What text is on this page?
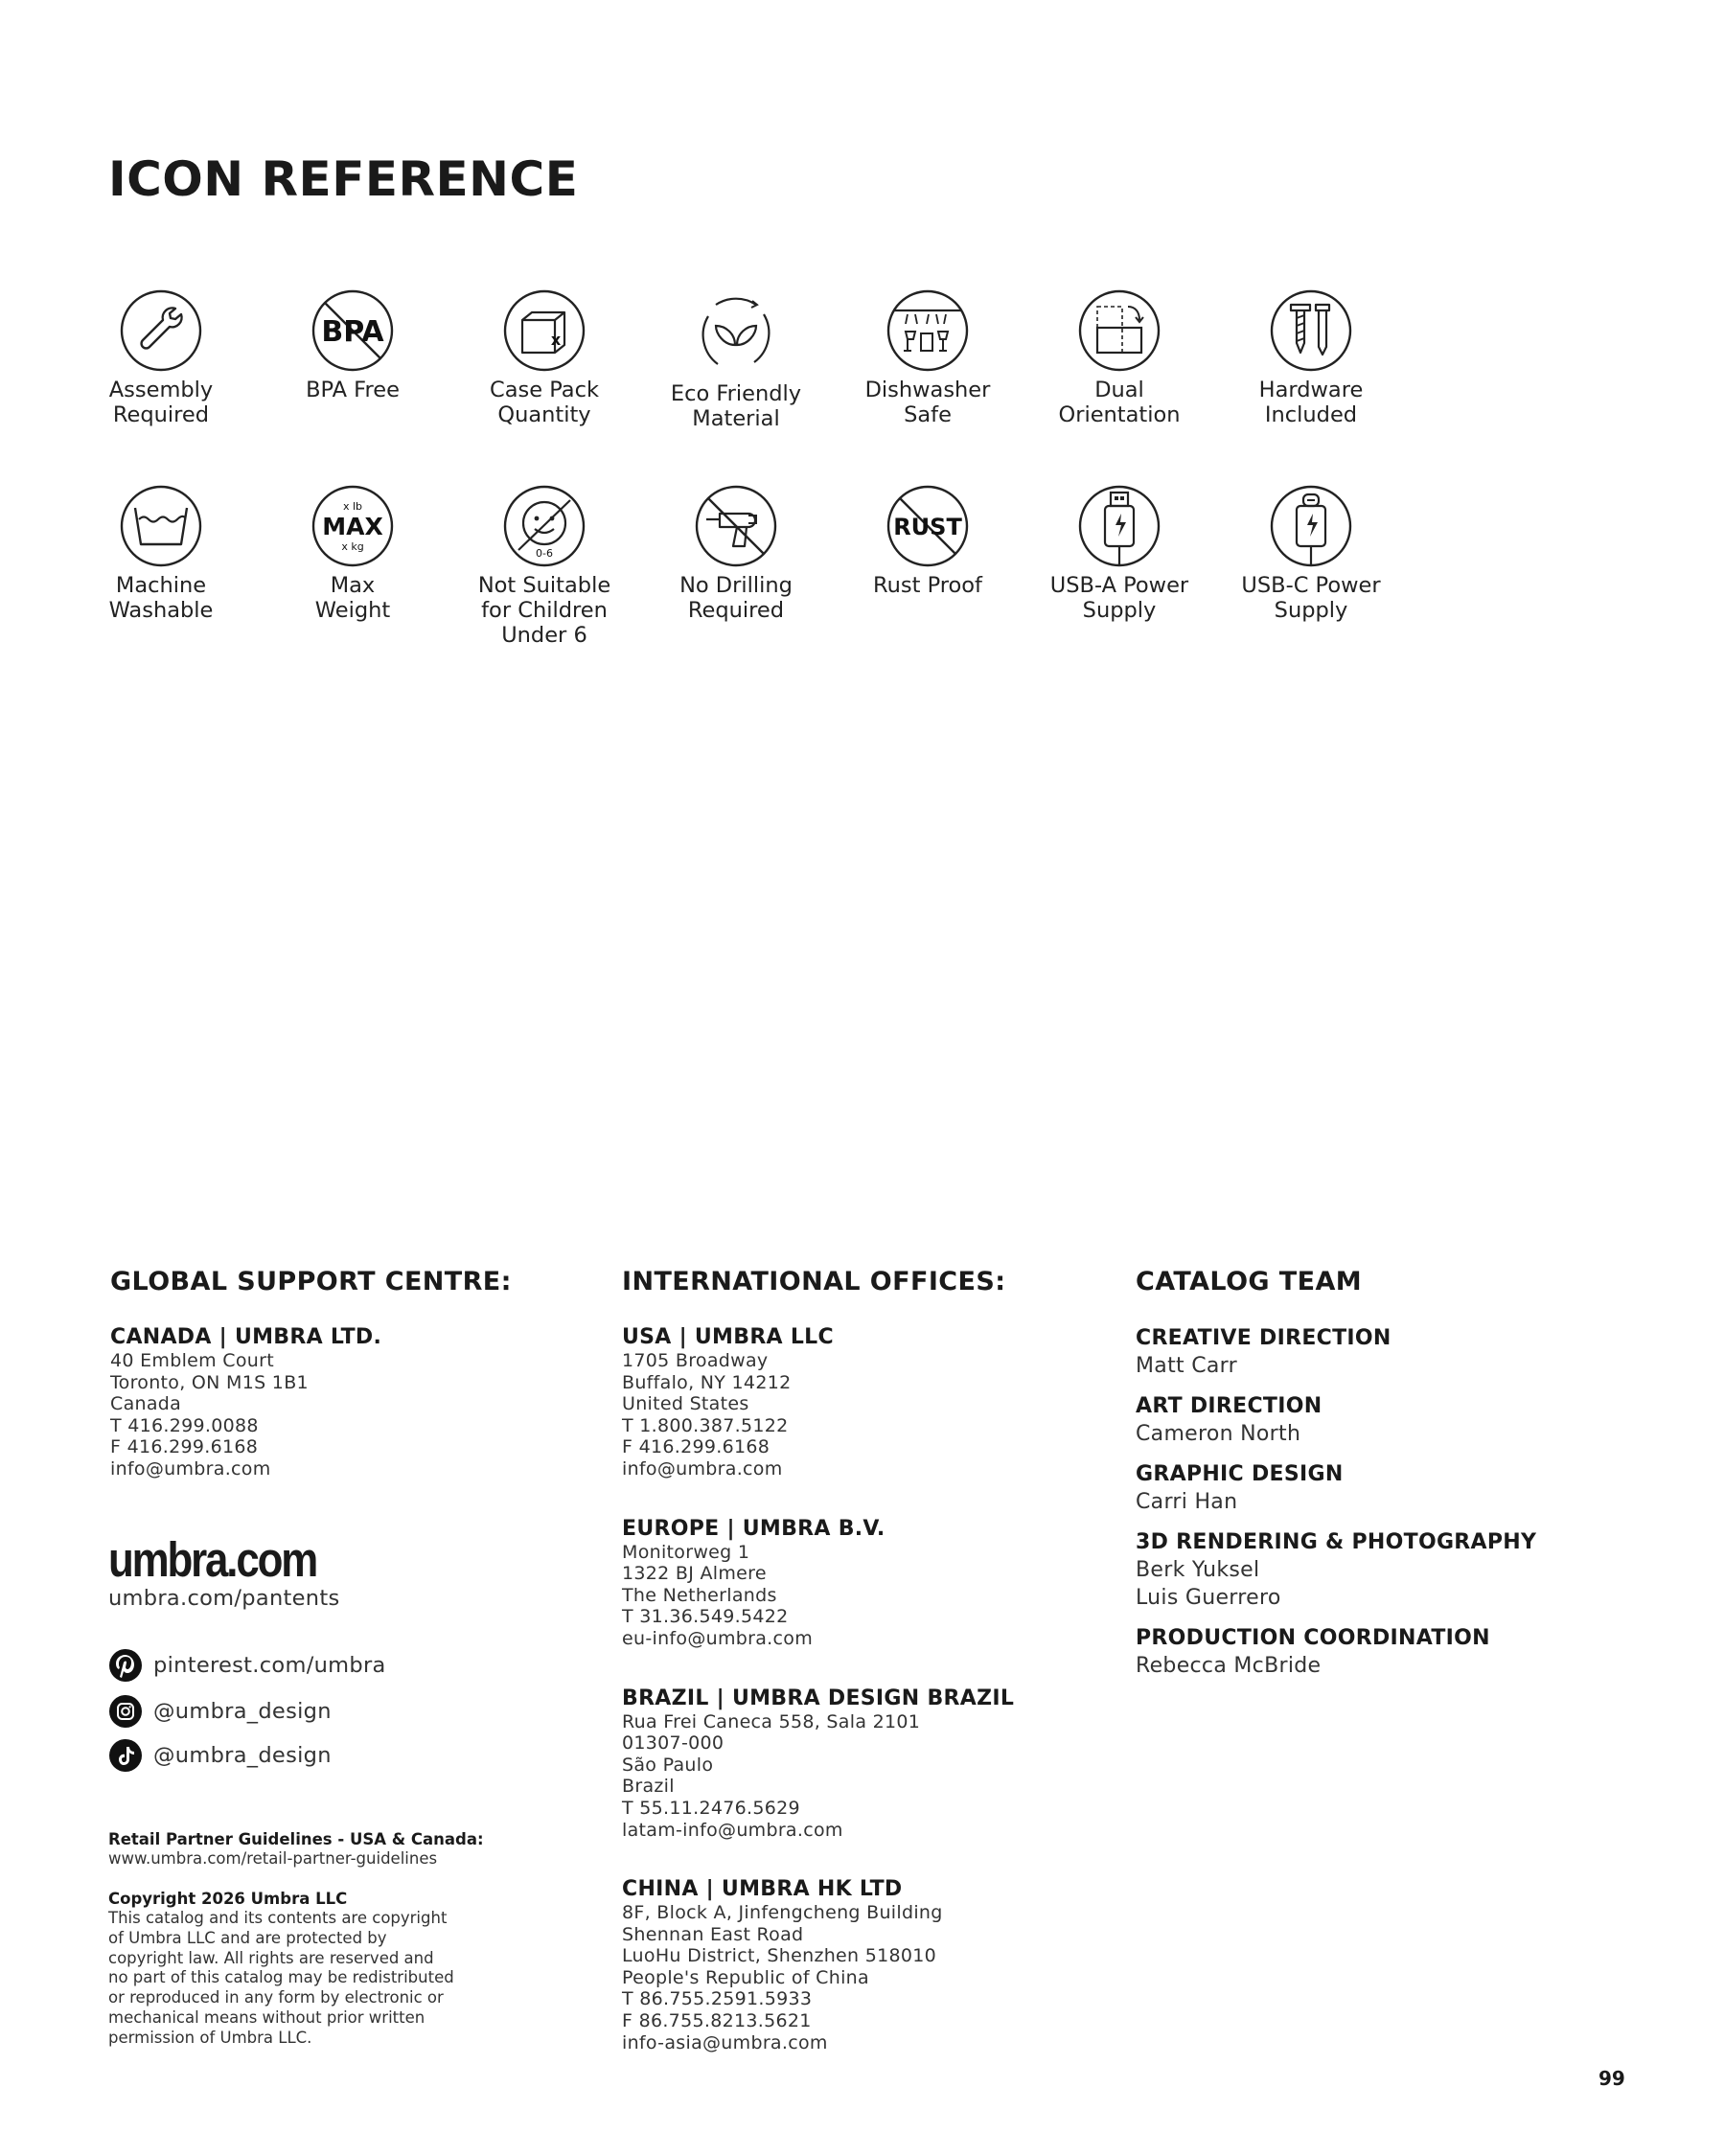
ICON REFERENCE
Assembly
Required
BPA
BPA Free
x
Case Pack
Quantity
Eco Friendly
Material
Dishwasher
Safe
Dual
Orientation
Hardware
Included
Machine
Washable
x lb
MAX
x kg
Max
Weight
0-6
Not Suitable
for Children
Under 6
No Drilling
Required
RUST
Rust Proof	USB-A Power
Supply
USB-C Power
Supply
GLOBAL SUPPORT CENTRE:

CANADA | UMBRA LTD.

40 Emblem Court
Toronto, ON M1S 1B1
Canada
T 416.299.0088
F 416.299.6168
info@umbra.com
umbra.com
umbra.com/pantents
pinterest.com/umbra
@umbra_design
@umbra_design
Retail Partner Guidelines - USA & Canada:
www.umbra.com/retail-partner-guidelines
Copyright 2026 Umbra LLC
This catalog and its contents are copyright
of Umbra LLC and are protected by
copyright law. All rights are reserved and
no part of this catalog may be redistributed
or reproduced in any form by electronic or
mechanical means without prior written
permission of Umbra LLC.
INTERNATIONAL OFFICES:

USA | UMBRA LLC

1705 Broadway
Buffalo, NY 14212
United States
T 1.800.387.5122
F 416.299.6168
info@umbra.com

EUROPE | UMBRA B.V.

Monitorweg 1
1322 BJ Almere
The Netherlands
T 31.36.549.5422
eu-info@umbra.com

BRAZIL | UMBRA DESIGN BRAZIL

Rua Frei Caneca 558, Sala 2101
01307-000
São Paulo
Brazil
T 55.11.2476.5629
latam-info@umbra.com

CHINA | UMBRA HK LTD

8F, Block A, Jinfengcheng Building
Shennan East Road
LuoHu District, Shenzhen 518010
People's Republic of China
T 86.755.2591.5933
F 86.755.8213.5621
info-asia@umbra.com
CATALOG TEAM
CREATIVE DIRECTION
Matt Carr
ART DIRECTION
Cameron North
GRAPHIC DESIGN
Carri Han
3D RENDERING & PHOTOGRAPHY
Berk Yuksel
Luis Guerrero
PRODUCTION COORDINATION
Rebecca McBride
99
